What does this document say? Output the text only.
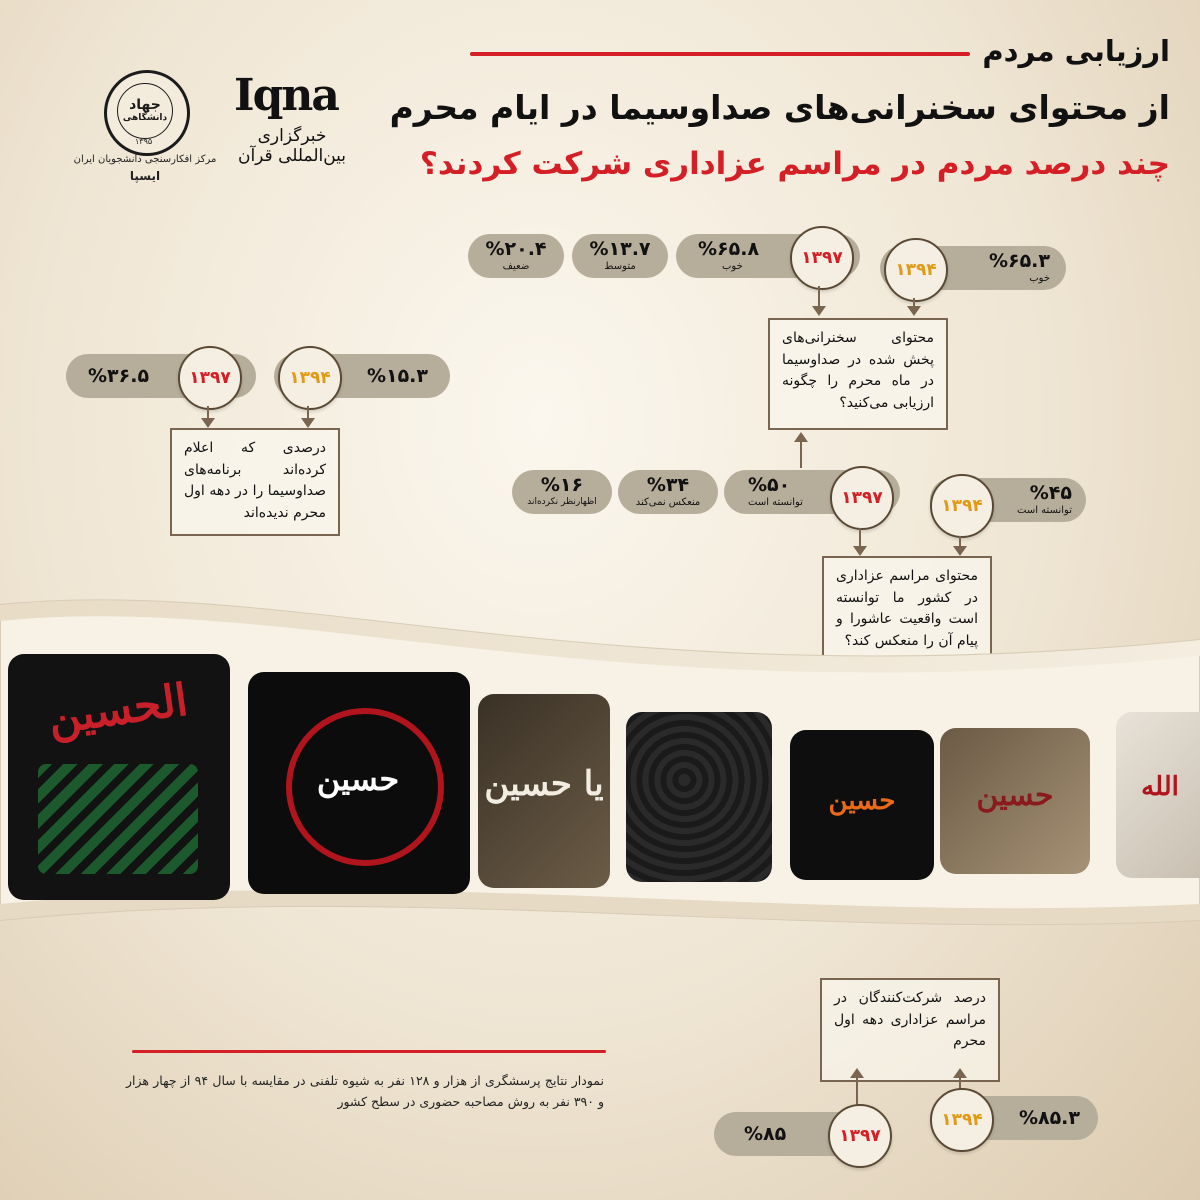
ارزیابی مردم
از محتوای سخنرانی‌های صداوسیما در ایام محرم
چند درصد مردم در مراسم عزاداری شرکت کردند؟
Iqna
خبرگزاری بین‌المللی قرآن
جهاد
دانشگاهی
۱۳۹۵
مرکز افکارسنجی دانشجویان ایران
ایسپا
%۶۵.۳
خوب
۱۳۹۴
%۶۵.۸
خوب	۱۳۹۷
%۱۳.۷
متوسط
%۲۰.۴
ضعیف
محتوای سخنرانی‌های پخش شده در صداوسیما در ماه محرم را چگونه ارزیابی می‌کنید؟
%۱۵.۳
۱۳۹۴
%۳۶.۵	۱۳۹۷
درصدی که اعلام کرده‌اند برنامه‌های صداوسیما را در دهه اول محرم ندیده‌اند
%۴۵
توانسته است
۱۳۹۴
%۵۰
توانسته است	۱۳۹۷
%۳۴
منعکس نمی‌کند
%۱۶
اظهارنظر نکرده‌اند
محتوای مراسم عزاداری در کشور ما توانسته است واقعیت عاشورا و پیام آن را منعکس کند؟
الحسین
حسین	یا حسین	حسین	حسین	الله
درصد شرکت‌کنندگان در مراسم عزاداری دهه اول محرم
%۸۵.۳
۱۳۹۴
%۸۵	۱۳۹۷
نمودار نتایج پرسشگری از هزار و ۱۲۸ نفر به شیوه تلفنی در مقایسه با سال ۹۴ از چهار هزار و ۳۹۰ نفر به روش مصاحبه حضوری در سطح کشور
